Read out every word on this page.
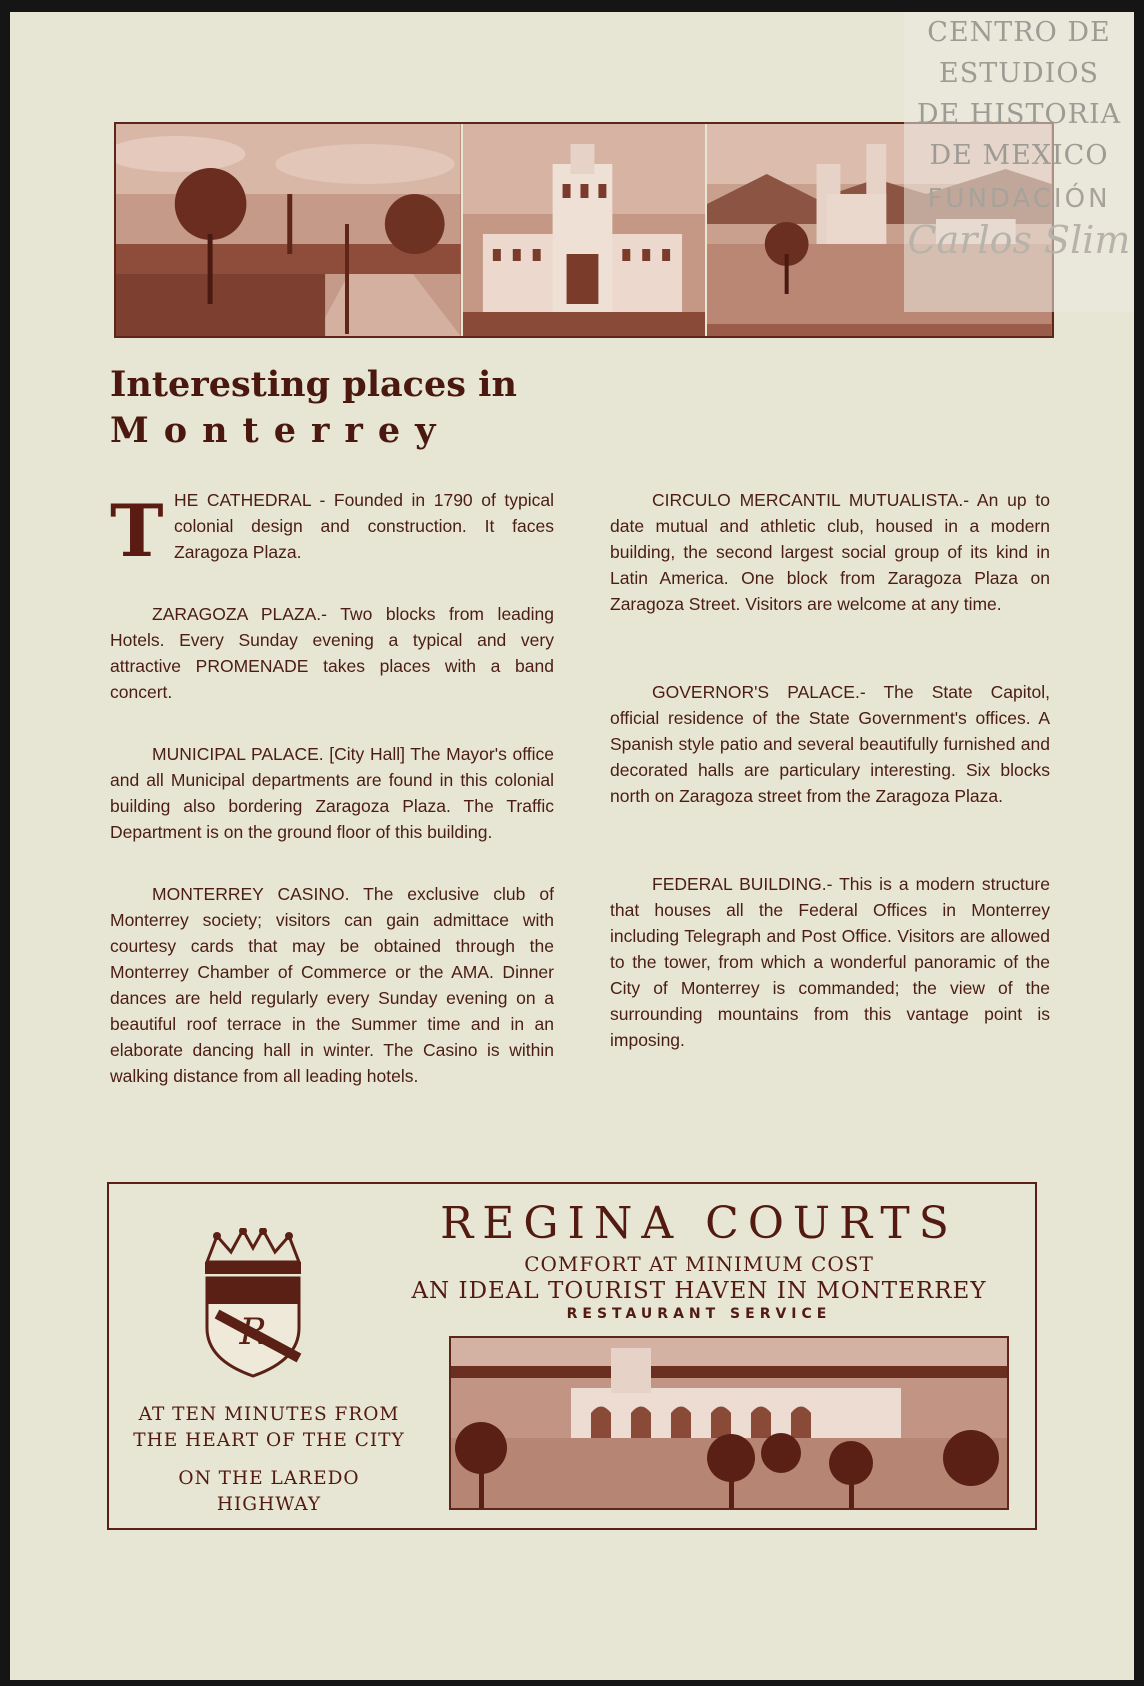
CENTRO DE
ESTUDIOS
DE HISTORIA
DE MEXICO
FUNDACIÓN
Carlos Slim
Interesting places in
Monterrey
T HE CATHEDRAL - Founded in 1790 of typical colonial design and construction. It faces Zaragoza Plaza.

ZARAGOZA PLAZA.- Two blocks from leading Hotels. Every Sunday evening a typical and very attractive PROMENADE takes places with a band concert.

MUNICIPAL PALACE. [City Hall] The Mayor's office and all Municipal departments are found in this colonial building also bordering Zaragoza Plaza. The Traffic Department is on the ground floor of this building.

MONTERREY CASINO. The exclusive club of Monterrey society; visitors can gain admittace with courtesy cards that may be obtained through the Monterrey Chamber of Commerce or the AMA. Dinner dances are held regularly every Sunday evening on a beautiful roof terrace in the Summer time and in an elaborate dancing hall in winter. The Casino is within walking distance from all leading hotels.

CIRCULO MERCANTIL MUTUALISTA.- An up to date mutual and athletic club, housed in a modern building, the second largest social group of its kind in Latin America. One block from Zaragoza Plaza on Zaragoza Street. Visitors are welcome at any time.

GOVERNOR'S PALACE.- The State Capitol, official residence of the State Government's offices. A Spanish style patio and several beautifully furnished and decorated halls are particulary interesting. Six blocks north on Zaragoza street from the Zaragoza Plaza.

FEDERAL BUILDING.- This is a modern structure that houses all the Federal Offices in Monterrey including Telegraph and Post Office. Visitors are allowed to the tower, from which a wonderful panoramic of the City of Monterrey is commanded; the view of the surrounding mountains from this vantage point is imposing.

REGINA COURTS
COMFORT AT MINIMUM COST
AN IDEAL TOURIST HAVEN IN MONTERREY
RESTAURANT SERVICE
R
AT TEN MINUTES FROM
THE HEART OF THE CITY
ON THE LAREDO
HIGHWAY
